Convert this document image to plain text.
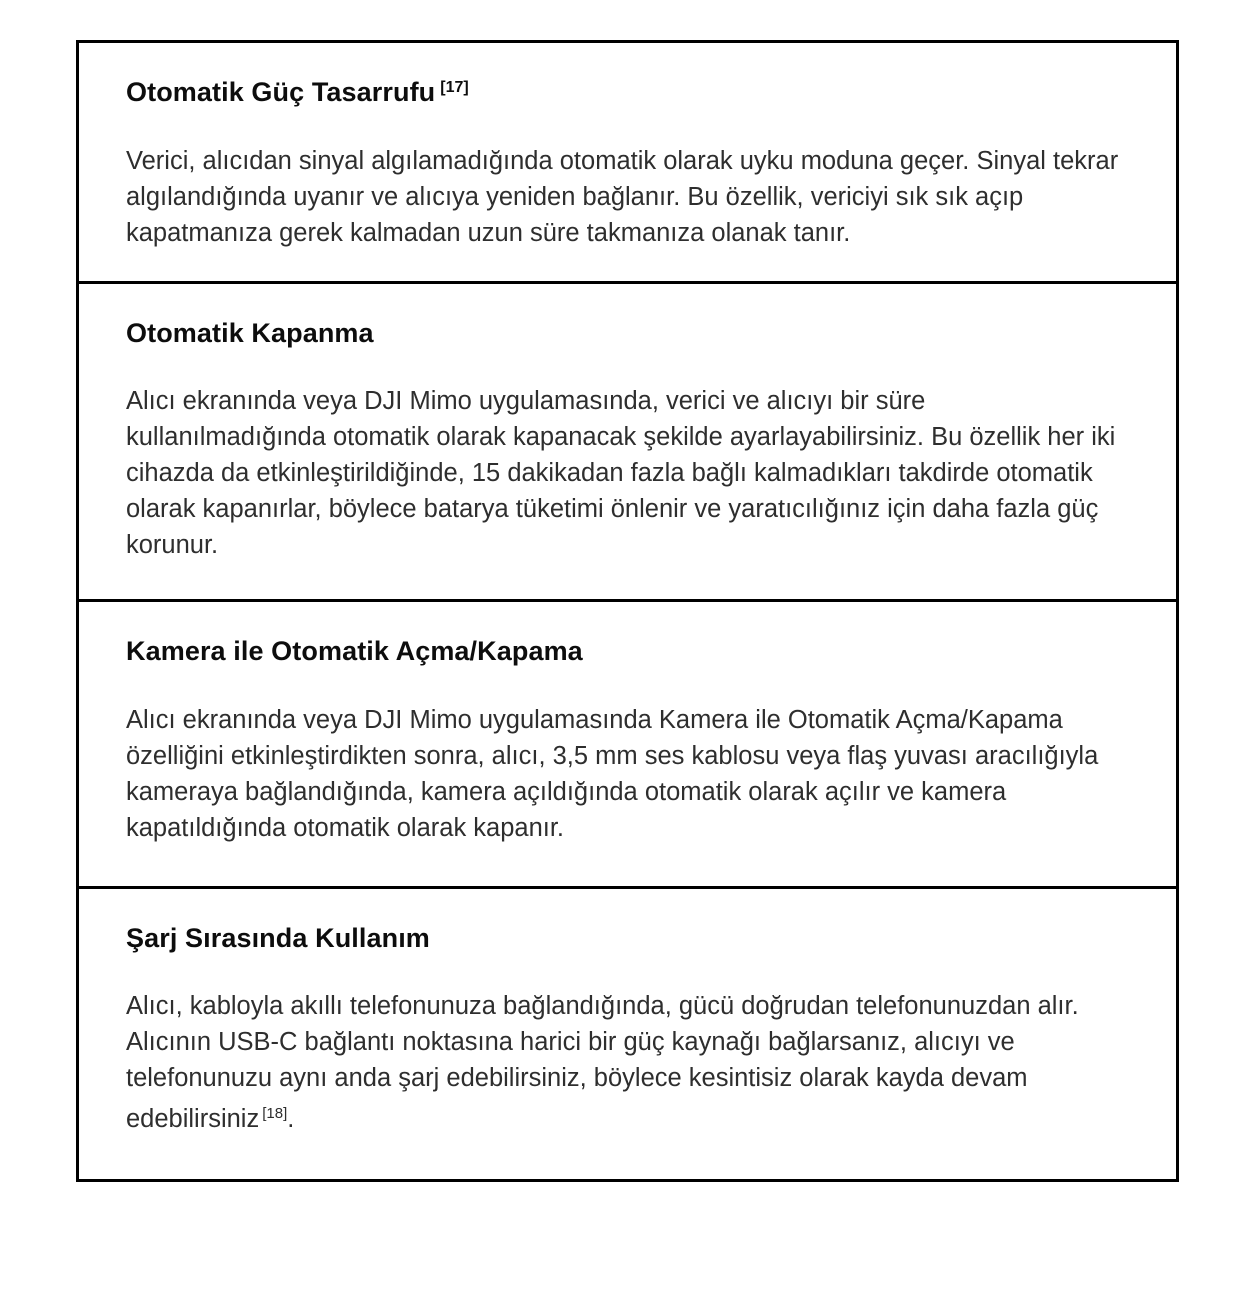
Otomatik Güç Tasarrufu [17]

Verici, alıcıdan sinyal algılamadığında otomatik olarak uyku moduna geçer. Sinyal tekrar algılandığında uyanır ve alıcıya yeniden bağlanır. Bu özellik, vericiyi sık sık açıp kapatmanıza gerek kalmadan uzun süre takmanıza olanak tanır.

Otomatik Kapanma

Alıcı ekranında veya DJI Mimo uygulamasında, verici ve alıcıyı bir süre kullanılmadığında otomatik olarak kapanacak şekilde ayarlayabilirsiniz. Bu özellik her iki cihazda da etkinleştirildiğinde, 15 dakikadan fazla bağlı kalmadıkları takdirde otomatik olarak kapanırlar, böylece batarya tüketimi önlenir ve yaratıcılığınız için daha fazla güç korunur.

Kamera ile Otomatik Açma/Kapama

Alıcı ekranında veya DJI Mimo uygulamasında Kamera ile Otomatik Açma/Kapama özelliğini etkinleştirdikten sonra, alıcı, 3,5 mm ses kablosu veya flaş yuvası aracılığıyla kameraya bağlandığında, kamera açıldığında otomatik olarak açılır ve kamera kapatıldığında otomatik olarak kapanır.

Şarj Sırasında Kullanım

Alıcı, kabloyla akıllı telefonunuza bağlandığında, gücü doğrudan telefonunuzdan alır. Alıcının USB-C bağlantı noktasına harici bir güç kaynağı bağlarsanız, alıcıyı ve telefonunuzu aynı anda şarj edebilirsiniz, böylece kesintisiz olarak kayda devam edebilirsiniz [18].
